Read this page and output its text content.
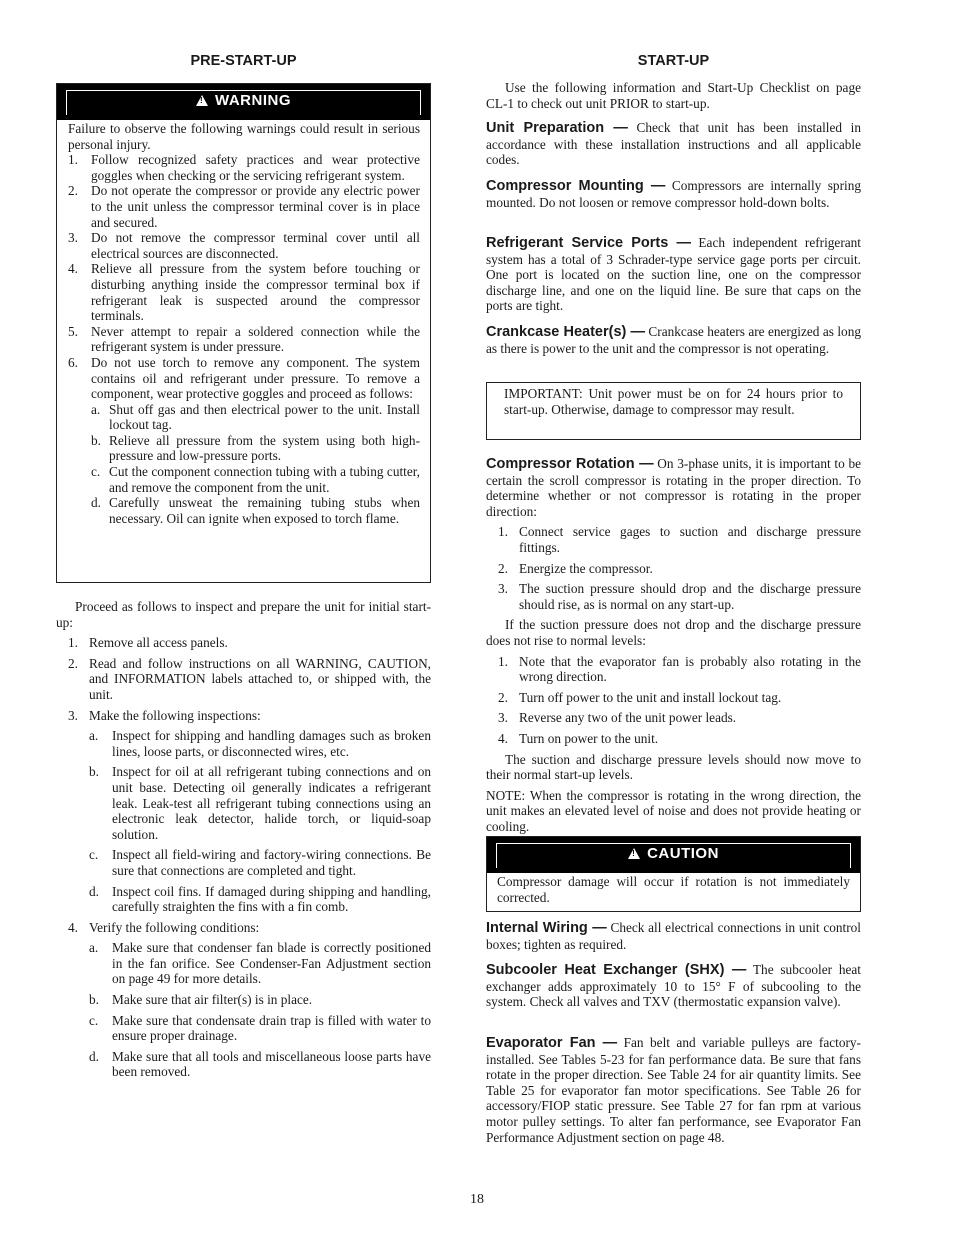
PRE-START-UP
!WARNING

Failure to observe the following warnings could result in serious personal injury.

1. Follow recognized safety practices and wear protective goggles when checking or the servicing refrigerant system.
2. Do not operate the compressor or provide any electric power to the unit unless the compressor terminal cover is in place and secured.
3. Do not remove the compressor terminal cover until all electrical sources are disconnected.
4. Relieve all pressure from the system before touching or disturbing anything inside the compressor terminal box if refrigerant leak is suspected around the compressor terminals.
5. Never attempt to repair a soldered connection while the refrigerant system is under pressure.
6. Do not use torch to remove any component. The system contains oil and refrigerant under pressure. To remove a component, wear protective goggles and proceed as follows:
a. Shut off gas and then electrical power to the unit. Install lockout tag.
b. Relieve all pressure from the system using both high-pressure and low-pressure ports.
c. Cut the component connection tubing with a tubing cutter, and remove the component from the unit.
d. Carefully unsweat the remaining tubing stubs when necessary. Oil can ignite when exposed to torch flame.

Proceed as follows to inspect and prepare the unit for initial start-up:

1. Remove all access panels.
2. Read and follow instructions on all WARNING, CAUTION, and INFORMATION labels attached to, or shipped with, the unit.
3. Make the following inspections:
a. Inspect for shipping and handling damages such as broken lines, loose parts, or disconnected wires, etc.
b. Inspect for oil at all refrigerant tubing connections and on unit base. Detecting oil generally indicates a refrigerant leak. Leak-test all refrigerant tubing connections using an electronic leak detector, halide torch, or liquid-soap solution.
c. Inspect all field-wiring and factory-wiring connections. Be sure that connections are completed and tight.
d. Inspect coil fins. If damaged during shipping and handling, carefully straighten the fins with a fin comb.
4. Verify the following conditions:
a. Make sure that condenser fan blade is correctly positioned in the fan orifice. See Condenser-Fan Adjustment section on page 49 for more details.
b. Make sure that air filter(s) is in place.
c. Make sure that condensate drain trap is filled with water to ensure proper drainage.
d. Make sure that all tools and miscellaneous loose parts have been removed.
START-UP

Use the following information and Start-Up Checklist on page CL-1 to check out unit PRIOR to start-up.

Unit Preparation — Check that unit has been installed in accordance with these installation instructions and all applicable codes.
Compressor Mounting — Compressors are internally spring mounted. Do not loosen or remove compressor hold-down bolts.
Refrigerant Service Ports — Each independent refrigerant system has a total of 3 Schrader-type service gage ports per circuit. One port is located on the suction line, one on the compressor discharge line, and one on the liquid line. Be sure that caps on the ports are tight.
Crankcase Heater(s) — Crankcase heaters are energized as long as there is power to the unit and the compressor is not operating.
IMPORTANT: Unit power must be on for 24 hours prior to start-up. Otherwise, damage to compressor may result.
Compressor Rotation — On 3-phase units, it is important to be certain the scroll compressor is rotating in the proper direction. To determine whether or not compressor is rotating in the proper direction:
1. Connect service gages to suction and discharge pressure fittings.
2. Energize the compressor.
3. The suction pressure should drop and the discharge pressure should rise, as is normal on any start-up.

If the suction pressure does not drop and the discharge pressure does not rise to normal levels:

1. Note that the evaporator fan is probably also rotating in the wrong direction.
2. Turn off power to the unit and install lockout tag.
3. Reverse any two of the unit power leads.
4. Turn on power to the unit.

The suction and discharge pressure levels should now move to their normal start-up levels.

NOTE: When the compressor is rotating in the wrong direction, the unit makes an elevated level of noise and does not provide heating or cooling.

!CAUTION
Compressor damage will occur if rotation is not immediately corrected.
Internal Wiring — Check all electrical connections in unit control boxes; tighten as required.
Subcooler Heat Exchanger (SHX) — The subcooler heat exchanger adds approximately 10 to 15° F of subcooling to the system. Check all valves and TXV (thermostatic expansion valve).
Evaporator Fan — Fan belt and variable pulleys are factory-installed. See Tables 5-23 for fan performance data. Be sure that fans rotate in the proper direction. See Table 24 for air quantity limits. See Table 25 for evaporator fan motor specifications. See Table 26 for accessory/FIOP static pressure. See Table 27 for fan rpm at various motor pulley settings. To alter fan performance, see Evaporator Fan Performance Adjustment section on page 48.
18
